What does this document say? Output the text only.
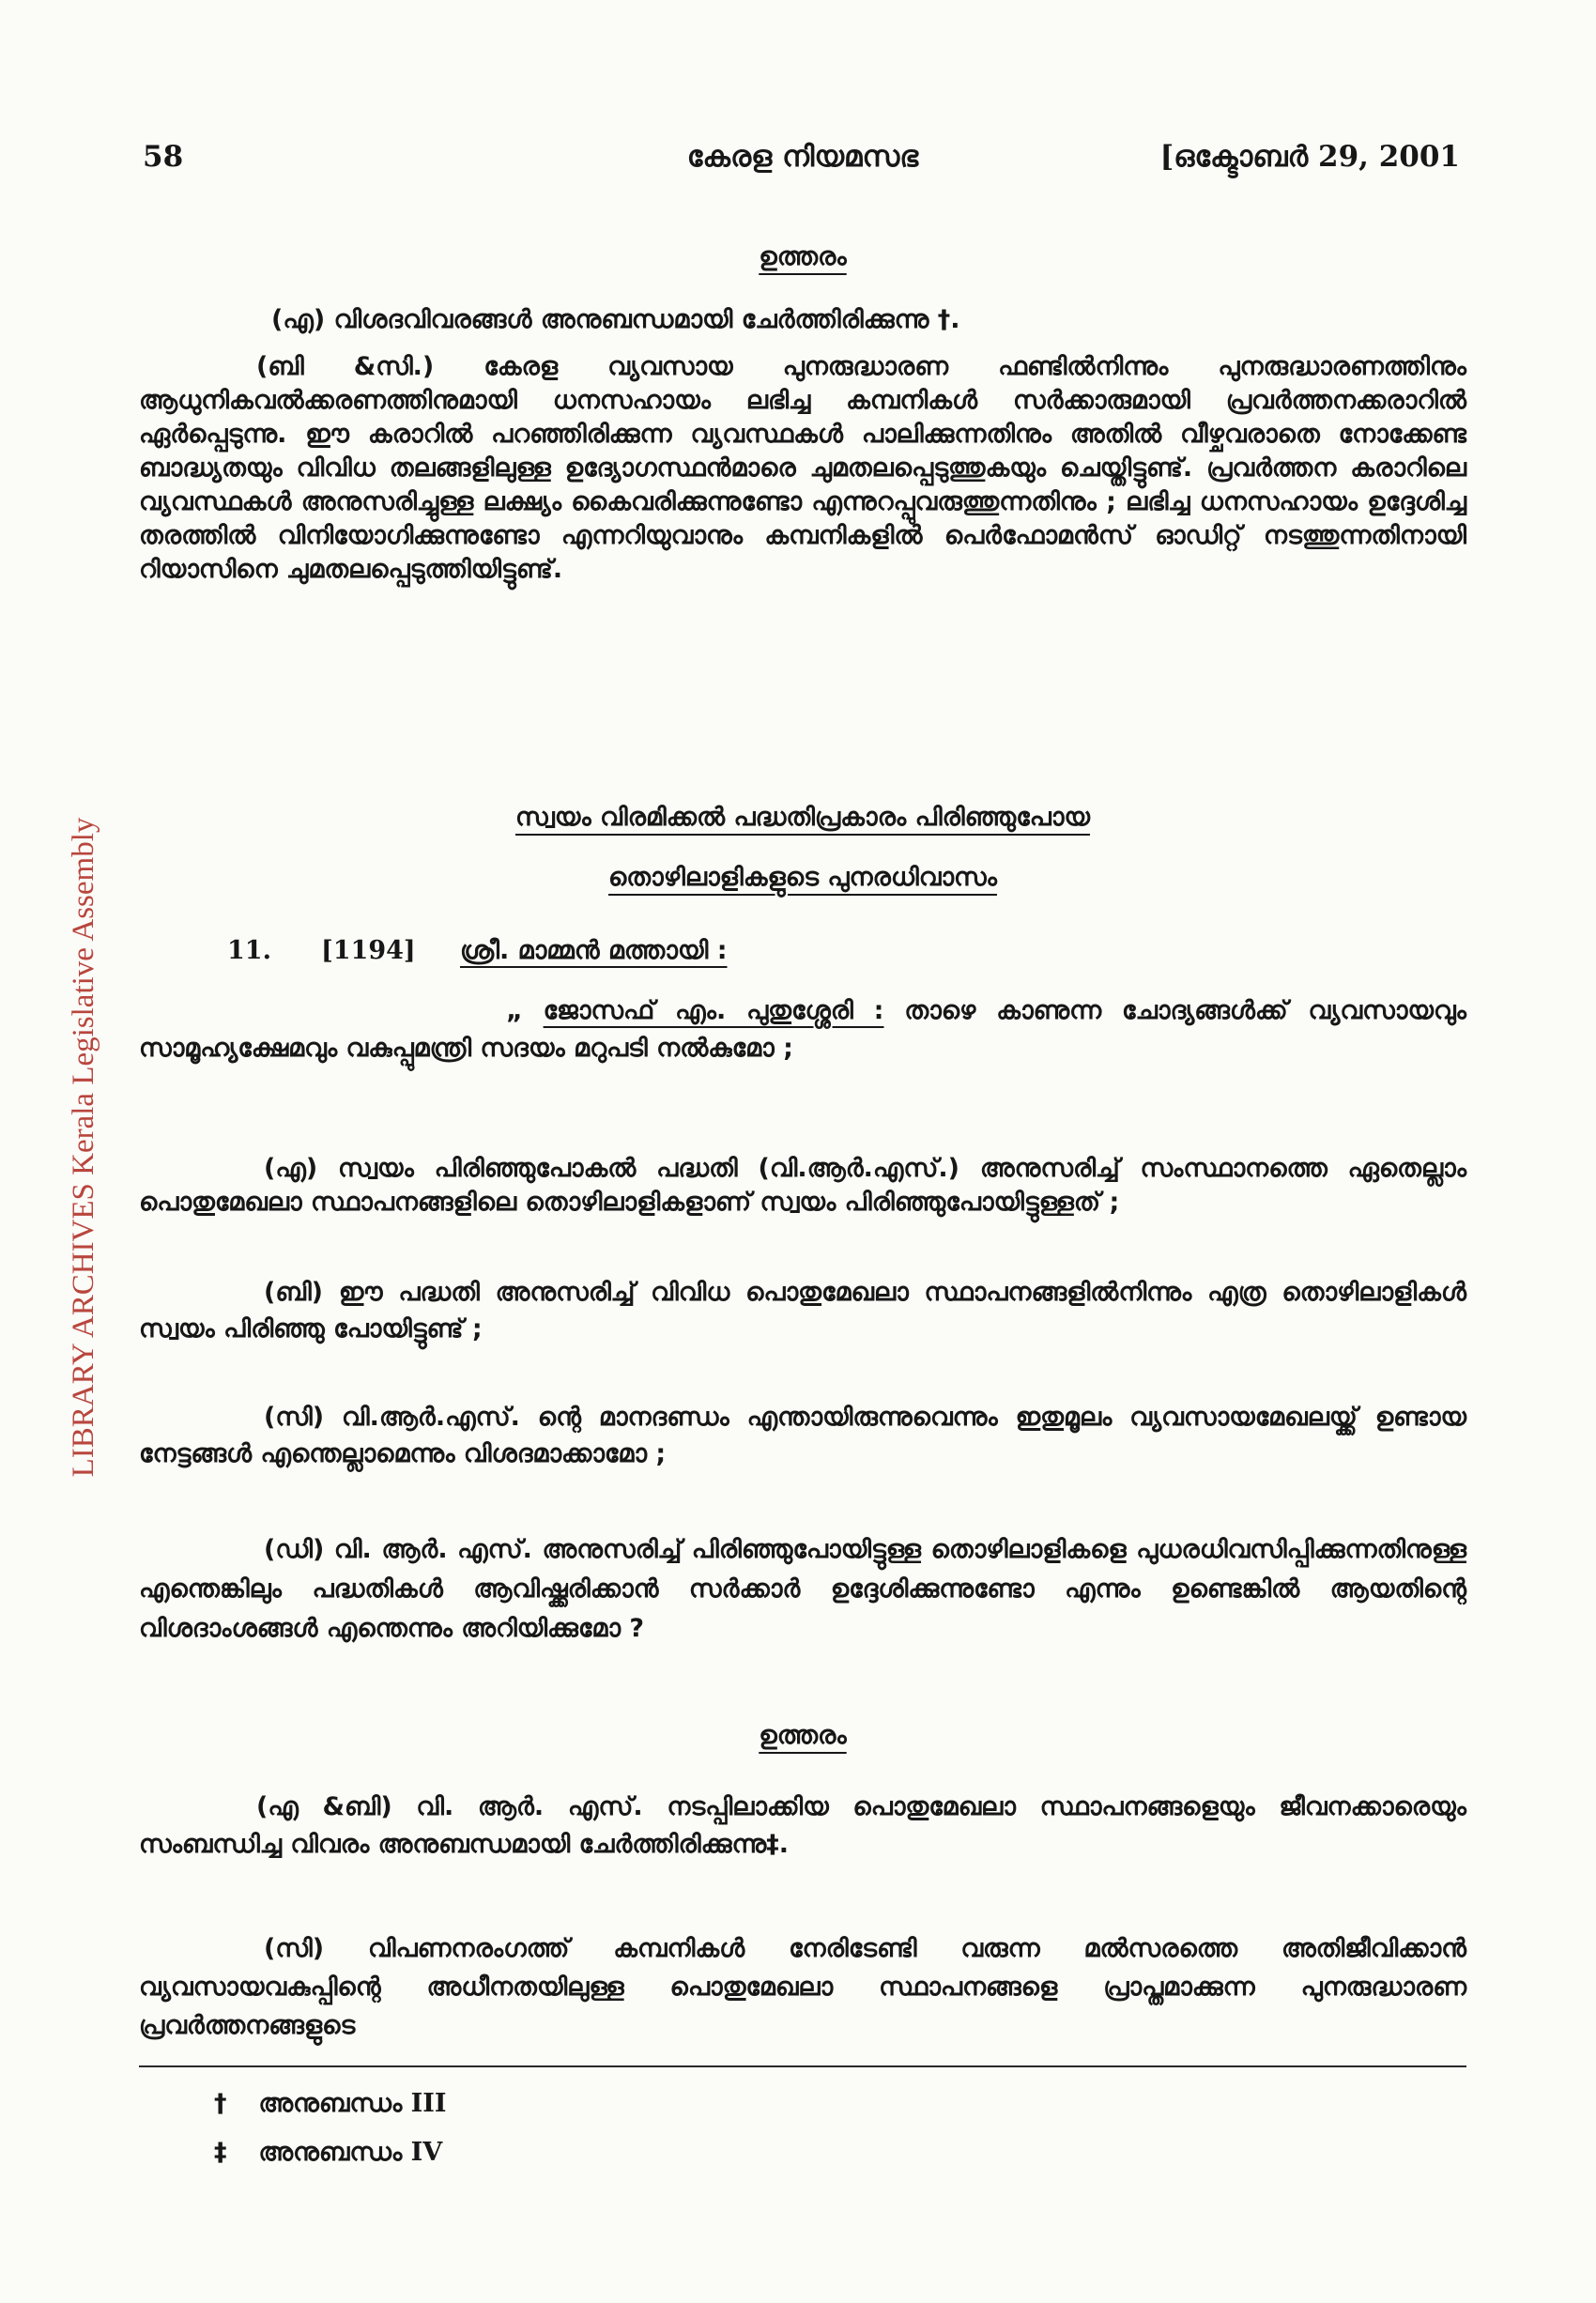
LIBRARY ARCHIVES Kerala Legislative Assembly
58	കേരള നിയമസഭ	[ഒക്ടോബർ 29, 2001

ഉത്തരം

(എ) വിശദവിവരങ്ങൾ അനുബന്ധമായി ചേർത്തിരിക്കുന്നു †.

(ബി &സി.) കേരള വ്യവസായ പുനരുദ്ധാരണ ഫണ്ടിൽനിന്നും പുനരുദ്ധാരണത്തിനും ആധുനികവൽക്കരണത്തിനുമായി ധനസഹായം ലഭിച്ച കമ്പനികൾ സർക്കാരുമായി പ്രവർത്തനക്കരാറിൽ ഏർപ്പെടുന്നു. ഈ കരാറിൽ പറഞ്ഞിരിക്കുന്ന വ്യവസ്ഥകൾ പാലിക്കുന്നതിനും അതിൽ വീഴ്ചവരാതെ നോക്കേണ്ട ബാദ്ധ്യതയും വിവിധ തലങ്ങളിലുള്ള ഉദ്യോഗസ്ഥൻമാരെ ചുമതലപ്പെടുത്തുകയും ചെയ്തിട്ടുണ്ട്. പ്രവർത്തന കരാറിലെ വ്യവസ്ഥകൾ അനുസരിച്ചുള്ള ലക്ഷ്യം കൈവരിക്കുന്നുണ്ടോ എന്നുറപ്പുവരുത്തുന്നതിനും ; ലഭിച്ച ധനസഹായം ഉദ്ദേശിച്ച തരത്തിൽ വിനിയോഗിക്കുന്നുണ്ടോ എന്നറിയുവാനും കമ്പനികളിൽ പെർഫോമൻസ് ഓഡിറ്റ് നടത്തുന്നതിനായി റിയാസിനെ ചുമതലപ്പെടുത്തിയിട്ടുണ്ട്.

സ്വയം വിരമിക്കൽ പദ്ധതിപ്രകാരം പിരിഞ്ഞുപോയ

തൊഴിലാളികളുടെ പുനരധിവാസം

11. [1194] ശ്രീ. മാമ്മൻ മത്തായി :

„ ജോസഫ് എം. പുതുശ്ശേരി : താഴെ കാണുന്ന ചോദ്യങ്ങൾക്ക് വ്യവസായവും സാമൂഹ്യക്ഷേമവും വകുപ്പുമന്ത്രി സദയം മറുപടി നൽകുമോ ;

(എ) സ്വയം പിരിഞ്ഞുപോകൽ പദ്ധതി (വി.ആർ.എസ്.) അനുസരിച്ച് സംസ്ഥാനത്തെ ഏതെല്ലാം പൊതുമേഖലാ സ്ഥാപനങ്ങളിലെ തൊഴിലാളികളാണ് സ്വയം പിരിഞ്ഞുപോയിട്ടുള്ളത് ;

(ബി) ഈ പദ്ധതി അനുസരിച്ച് വിവിധ പൊതുമേഖലാ സ്ഥാപനങ്ങളിൽനിന്നും എത്ര തൊഴിലാളികൾ സ്വയം പിരിഞ്ഞു പോയിട്ടുണ്ട് ;

(സി) വി.ആർ.എസ്. ന്റെ മാനദണ്ഡം എന്തായിരുന്നുവെന്നും ഇതുമൂലം വ്യവസായമേഖലയ്ക്ക് ഉണ്ടായ നേട്ടങ്ങൾ എന്തെല്ലാമെന്നും വിശദമാക്കാമോ ;

(ഡി) വി. ആർ. എസ്. അനുസരിച്ച് പിരിഞ്ഞുപോയിട്ടുള്ള തൊഴിലാളികളെ പുധരധിവസിപ്പിക്കുന്നതിനുള്ള എന്തെങ്കിലും പദ്ധതികൾ ആവിഷ്ക്കരിക്കാൻ സർക്കാർ ഉദ്ദേശിക്കുന്നുണ്ടോ എന്നും ഉണ്ടെങ്കിൽ ആയതിന്റെ വിശദാംശങ്ങൾ എന്തെന്നും അറിയിക്കുമോ ?

ഉത്തരം

(എ &ബി) വി. ആർ. എസ്. നടപ്പിലാക്കിയ പൊതുമേഖലാ സ്ഥാപനങ്ങളെയും ജീവനക്കാരെയും സംബന്ധിച്ച വിവരം അനുബന്ധമായി ചേർത്തിരിക്കുന്നു‡.

(സി) വിപണനരംഗത്ത് കമ്പനികൾ നേരിടേണ്ടി വരുന്ന മൽസരത്തെ അതിജീവിക്കാൻ വ്യവസായവകുപ്പിന്റെ അധീനതയിലുള്ള പൊതുമേഖലാ സ്ഥാപനങ്ങളെ പ്രാപ്തമാക്കുന്ന പുനരുദ്ധാരണ പ്രവർത്തനങ്ങളുടെ

† അനുബന്ധം III
‡ അനുബന്ധം IV
